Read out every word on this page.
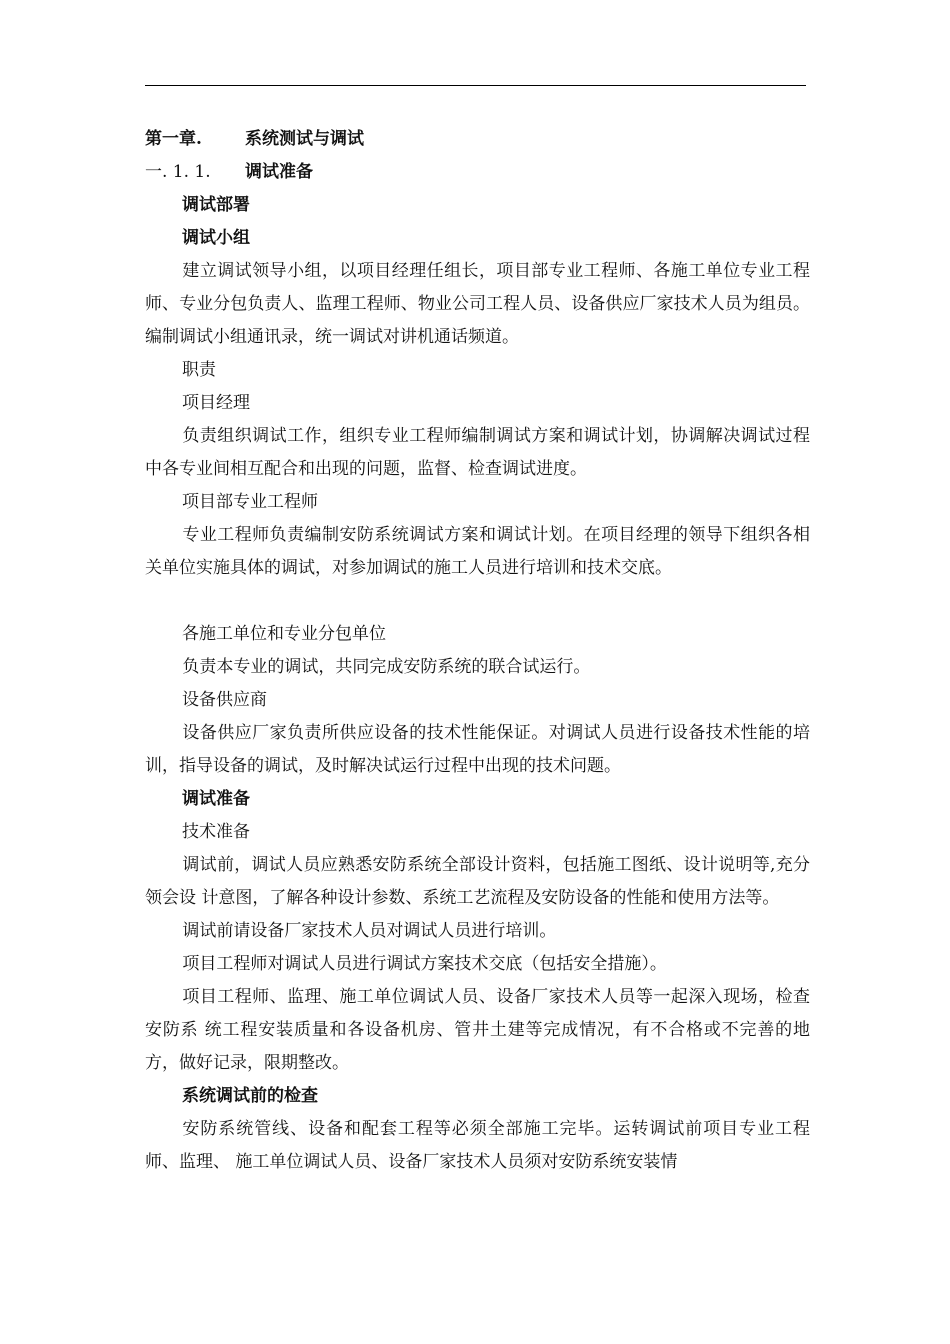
第一章.	系统测试与调试
一. 1. 1. 调试准备
调试部署
调试小组

建立调试领导小组，以项目经理任组长，项目部专业工程师、各施工单位专业工程师、专业分包负责人、监理工程师、物业公司工程人员、设备供应厂家技术人员为组员。编制调试小组通讯录，统一调试对讲机通话频道。

职责
项目经理

负责组织调试工作，组织专业工程师编制调试方案和调试计划，协调解决调试过程中各专业间相互配合和出现的问题，监督、检查调试进度。

项目部专业工程师

专业工程师负责编制安防系统调试方案和调试计划。在项目经理的领导下组织各相关单位实施具体的调试，对参加调试的施工人员进行培训和技术交底。

各施工单位和专业分包单位

负责本专业的调试，共同完成安防系统的联合试运行。

设备供应商

设备供应厂家负责所供应设备的技术性能保证。对调试人员进行设备技术性能的培训，指导设备的调试，及时解决试运行过程中出现的技术问题。

调试准备
技术准备

调试前，调试人员应熟悉安防系统全部设计资料，包括施工图纸、设计说明等,充分领会设 计意图，了解各种设计参数、系统工艺流程及安防设备的性能和使用方法等。

调试前请设备厂家技术人员对调试人员进行培训。

项目工程师对调试人员进行调试方案技术交底（包括安全措施）。

项目工程师、监理、施工单位调试人员、设备厂家技术人员等一起深入现场，检查安防系 统工程安装质量和各设备机房、管井土建等完成情况，有不合格或不完善的地方，做好记录，限期整改。

系统调试前的检查

安防系统管线、设备和配套工程等必须全部施工完毕。运转调试前项目专业工程师、监理、 施工单位调试人员、设备厂家技术人员须对安防系统安装情
